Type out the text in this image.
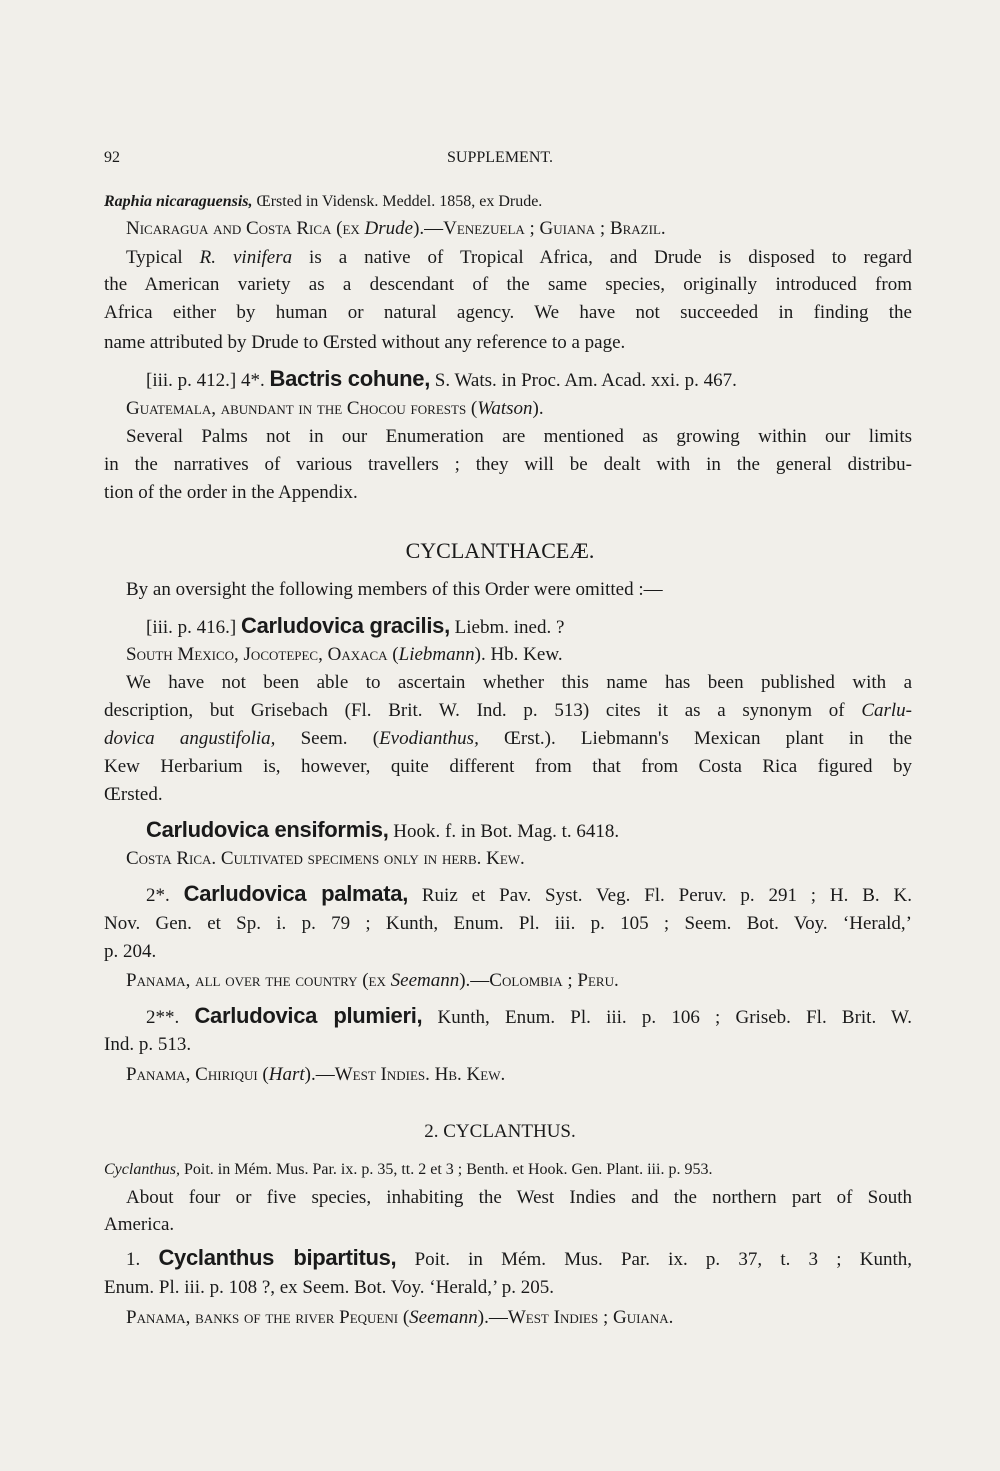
92	SUPPLEMENT.
Raphia nicaraguensis, Œrsted in Vidensk. Meddel. 1858, ex Drude.
Nicaragua and Costa Rica (ex Drude).—Venezuela ; Guiana ; Brazil.
Typical R. vinifera is a native of Tropical Africa, and Drude is disposed to regard
the American variety as a descendant of the same species, originally introduced from
Africa either by human or natural agency. We have not succeeded in finding the
name attributed by Drude to Œrsted without any reference to a page.
[iii. p. 412.] 4*. Bactris cohune, S. Wats. in Proc. Am. Acad. xxi. p. 467.
Guatemala, abundant in the Chocou forests (Watson).
Several Palms not in our Enumeration are mentioned as growing within our limits
in the narratives of various travellers ; they will be dealt with in the general distribu-
tion of the order in the Appendix.
CYCLANTHACEÆ.
By an oversight the following members of this Order were omitted :—
[iii. p. 416.] Carludovica gracilis, Liebm. ined. ?
South Mexico, Jocotepec, Oaxaca (Liebmann). Hb. Kew.
We have not been able to ascertain whether this name has been published with a
description, but Grisebach (Fl. Brit. W. Ind. p. 513) cites it as a synonym of Carlu-
dovica angustifolia, Seem. (Evodianthus, Œrst.). Liebmann's Mexican plant in the
Kew Herbarium is, however, quite different from that from Costa Rica figured by
Œrsted.
Carludovica ensiformis, Hook. f. in Bot. Mag. t. 6418.
Costa Rica. Cultivated specimens only in herb. Kew.
2*. Carludovica palmata, Ruiz et Pav. Syst. Veg. Fl. Peruv. p. 291 ; H. B. K.
Nov. Gen. et Sp. i. p. 79 ; Kunth, Enum. Pl. iii. p. 105 ; Seem. Bot. Voy. ‘Herald,’
p. 204.
Panama, all over the country (ex Seemann).—Colombia ; Peru.
2**. Carludovica plumieri, Kunth, Enum. Pl. iii. p. 106 ; Griseb. Fl. Brit. W.
Ind. p. 513.
Panama, Chiriqui (Hart).—West Indies. Hb. Kew.
2. CYCLANTHUS.
Cyclanthus, Poit. in Mém. Mus. Par. ix. p. 35, tt. 2 et 3 ; Benth. et Hook. Gen. Plant. iii. p. 953.
About four or five species, inhabiting the West Indies and the northern part of South
America.
1. Cyclanthus bipartitus, Poit. in Mém. Mus. Par. ix. p. 37, t. 3 ; Kunth,
Enum. Pl. iii. p. 108 ?, ex Seem. Bot. Voy. ‘Herald,’ p. 205.
Panama, banks of the river Pequeni (Seemann).—West Indies ; Guiana.
